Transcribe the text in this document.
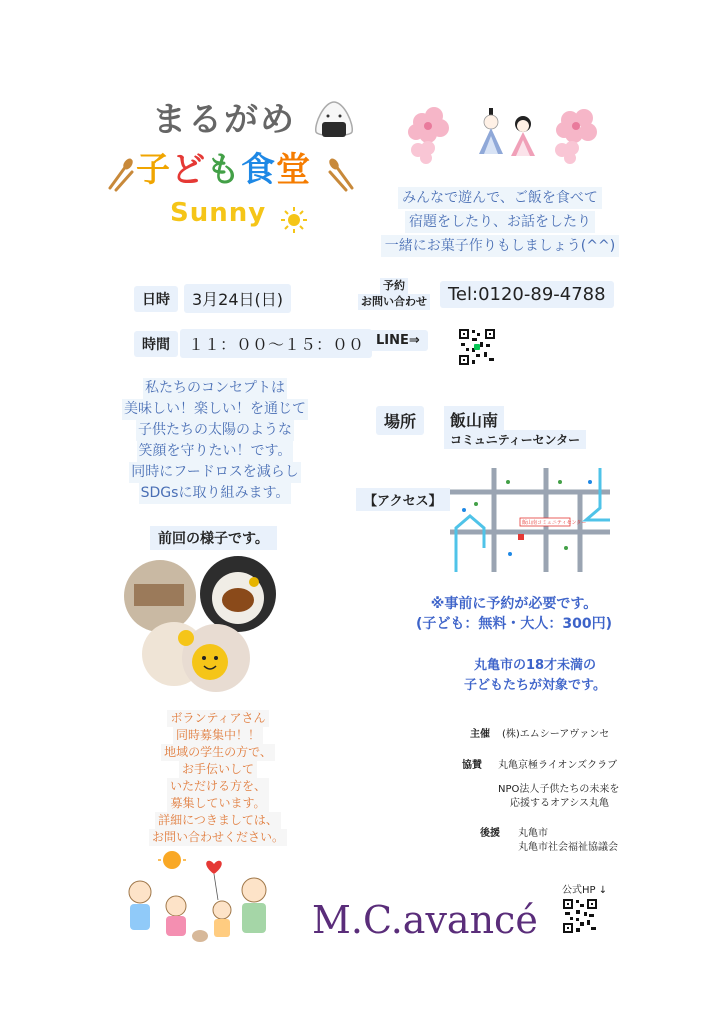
まるがめ
子ども食堂
Sunny	みんなで遊んで、ご飯を食べて
宿題をしたり、お話をしたり
一緒にお菓子作りもしましょう(^^)
日時	3月24日(日)
時間	１１：００〜１５：００
予約
お問い合わせ	Tel:0120-89-4788
LINE⇒
私たちのコンセプトは
美味しい！楽しい！を通じて
子供たちの太陽のような
笑顔を守りたい！です。
同時にフードロスを減らし
SDGsに取り組みます。
場所	飯山南
コミュニティーセンター
【アクセス】
飯山南コミュニティセンター
前回の様子です。
※事前に予約が必要です。
(子ども：無料・大人：300円)
丸亀市の18才未満の
子どもたちが対象です。
ボランティアさん
同時募集中！！
地域の学生の方で、
お手伝いして
いただける方を、
募集しています。
詳細につきましては、
お問い合わせください。
主催 (株)エムシーアヴァンセ
協賛 丸亀京極ライオンズクラブ
NPO法人子供たちの未来を
応援するオアシス丸亀
後援 丸亀市
丸亀市社会福祉協議会
M.C.avancé
公式HP ↓
